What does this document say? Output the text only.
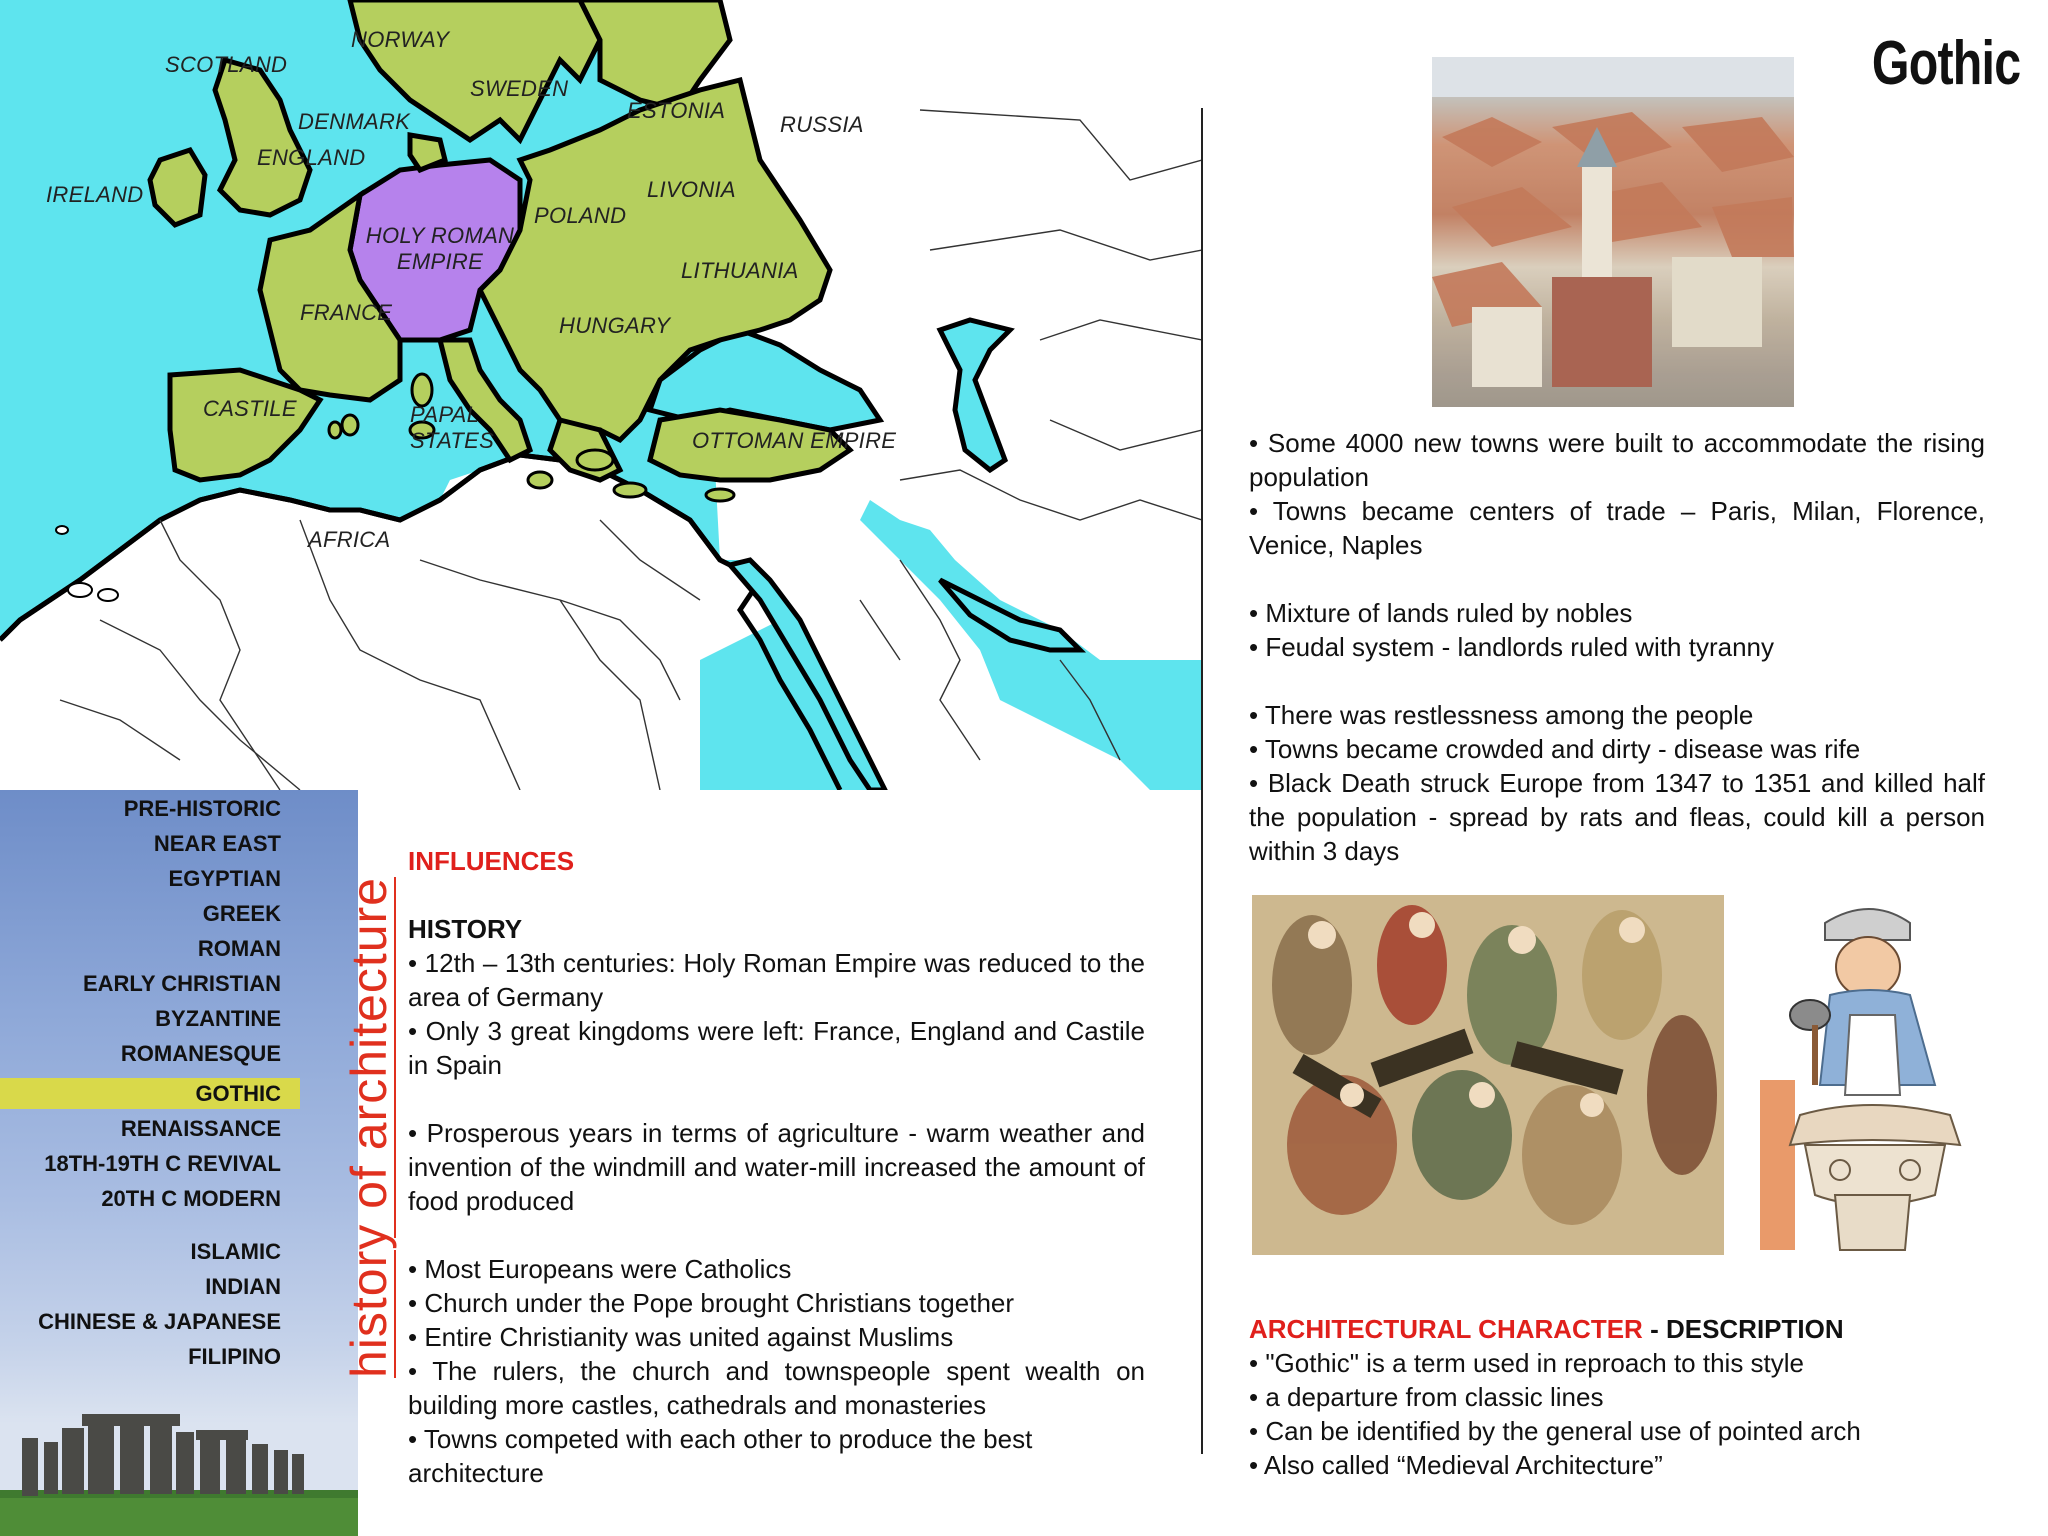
NORWAY
SCOTLAND
SWEDEN
DENMARK	ESTONIA
RUSSIA
ENGLAND
IRELAND	LIVONIA
POLAND
HOLY ROMAN EMPIRE	LITHUANIA
FRANCE
HUNGARY
CASTILE	PAPAL STATES	OTTOMAN EMPIRE
AFRICA
Gothic
• Some 4000 new towns were built to accommodate the rising population
• Towns became centers of trade – Paris, Milan, Florence, Venice, Naples
• Mixture of lands ruled by nobles
• Feudal system - landlords ruled with tyranny
• There was restlessness among the people
• Towns became crowded and dirty - disease was rife
• Black Death struck Europe from 1347 to 1351 and killed half the population - spread by rats and fleas, could kill a person within 3 days
ARCHITECTURAL CHARACTER - DESCRIPTION
• "Gothic" is a term used in reproach to this style
• a departure from classic lines
• Can be identified by the general use of pointed arch
• Also called “Medieval Architecture”
PRE-HISTORIC
NEAR EAST
EGYPTIAN
GREEK
ROMAN
EARLY CHRISTIAN
BYZANTINE
ROMANESQUE
GOTHIC
RENAISSANCE
18TH-19TH C REVIVAL
20TH C MODERN
ISLAMIC
INDIAN
CHINESE & JAPANESE
FILIPINO history of architecture
INFLUENCES
HISTORY
• 12th – 13th centuries: Holy Roman Empire was reduced to the area of Germany
• Only 3 great kingdoms were left: France, England and Castile in Spain
• Prosperous years in terms of agriculture - warm weather and invention of the windmill and water-mill increased the amount of food produced
• Most Europeans were Catholics
• Church under the Pope brought Christians together
• Entire Christianity was united against Muslims
• The rulers, the church and townspeople spent wealth on building more castles, cathedrals and monasteries
• Towns competed with each other to produce the best architecture
